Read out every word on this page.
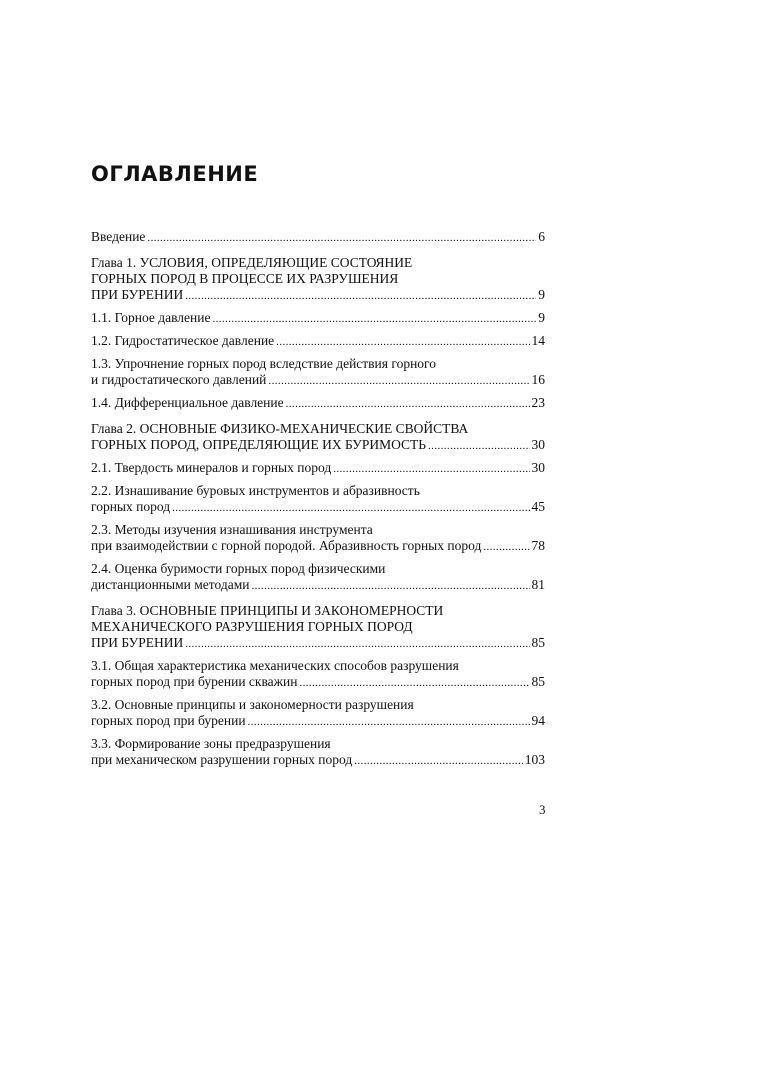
ОГЛАВЛЕНИЕ
Введение .....	6
Глава 1. УСЛОВИЯ, ОПРЕДЕЛЯЮЩИЕ СОСТОЯНИЕ
ГОРНЫХ ПОРОД В ПРОЦЕССЕ ИХ РАЗРУШЕНИЯ
ПРИ БУРЕНИИ .....	9
1.1. Горное давление .....	9
1.2. Гидростатическое давление .....	14
1.3. Упрочнение горных пород вследствие действия горного
и гидростатического давлений .....	16
1.4. Дифференциальное давление .....	23
Глава 2. ОСНОВНЫЕ ФИЗИКО-МЕХАНИЧЕСКИЕ СВОЙСТВА
ГОРНЫХ ПОРОД, ОПРЕДЕЛЯЮЩИЕ ИХ БУРИМОСТЬ .....	30
2.1. Твердость минералов и горных пород .....	30
2.2. Изнашивание буровых инструментов и абразивность
горных пород .....	45
2.3. Методы изучения изнашивания инструмента
при взаимодействии с горной породой. Абразивность горных пород .....	78
2.4. Оценка буримости горных пород физическими
дистанционными методами .....	81
Глава 3. ОСНОВНЫЕ ПРИНЦИПЫ И ЗАКОНОМЕРНОСТИ
МЕХАНИЧЕСКОГО РАЗРУШЕНИЯ ГОРНЫХ ПОРОД
ПРИ БУРЕНИИ .....	85
3.1. Общая характеристика механических способов разрушения
горных пород при бурении скважин .....	85
3.2. Основные принципы и закономерности разрушения
горных пород при бурении .....	94
3.3. Формирование зоны предразрушения
при механическом разрушении горных пород .....	103
3
